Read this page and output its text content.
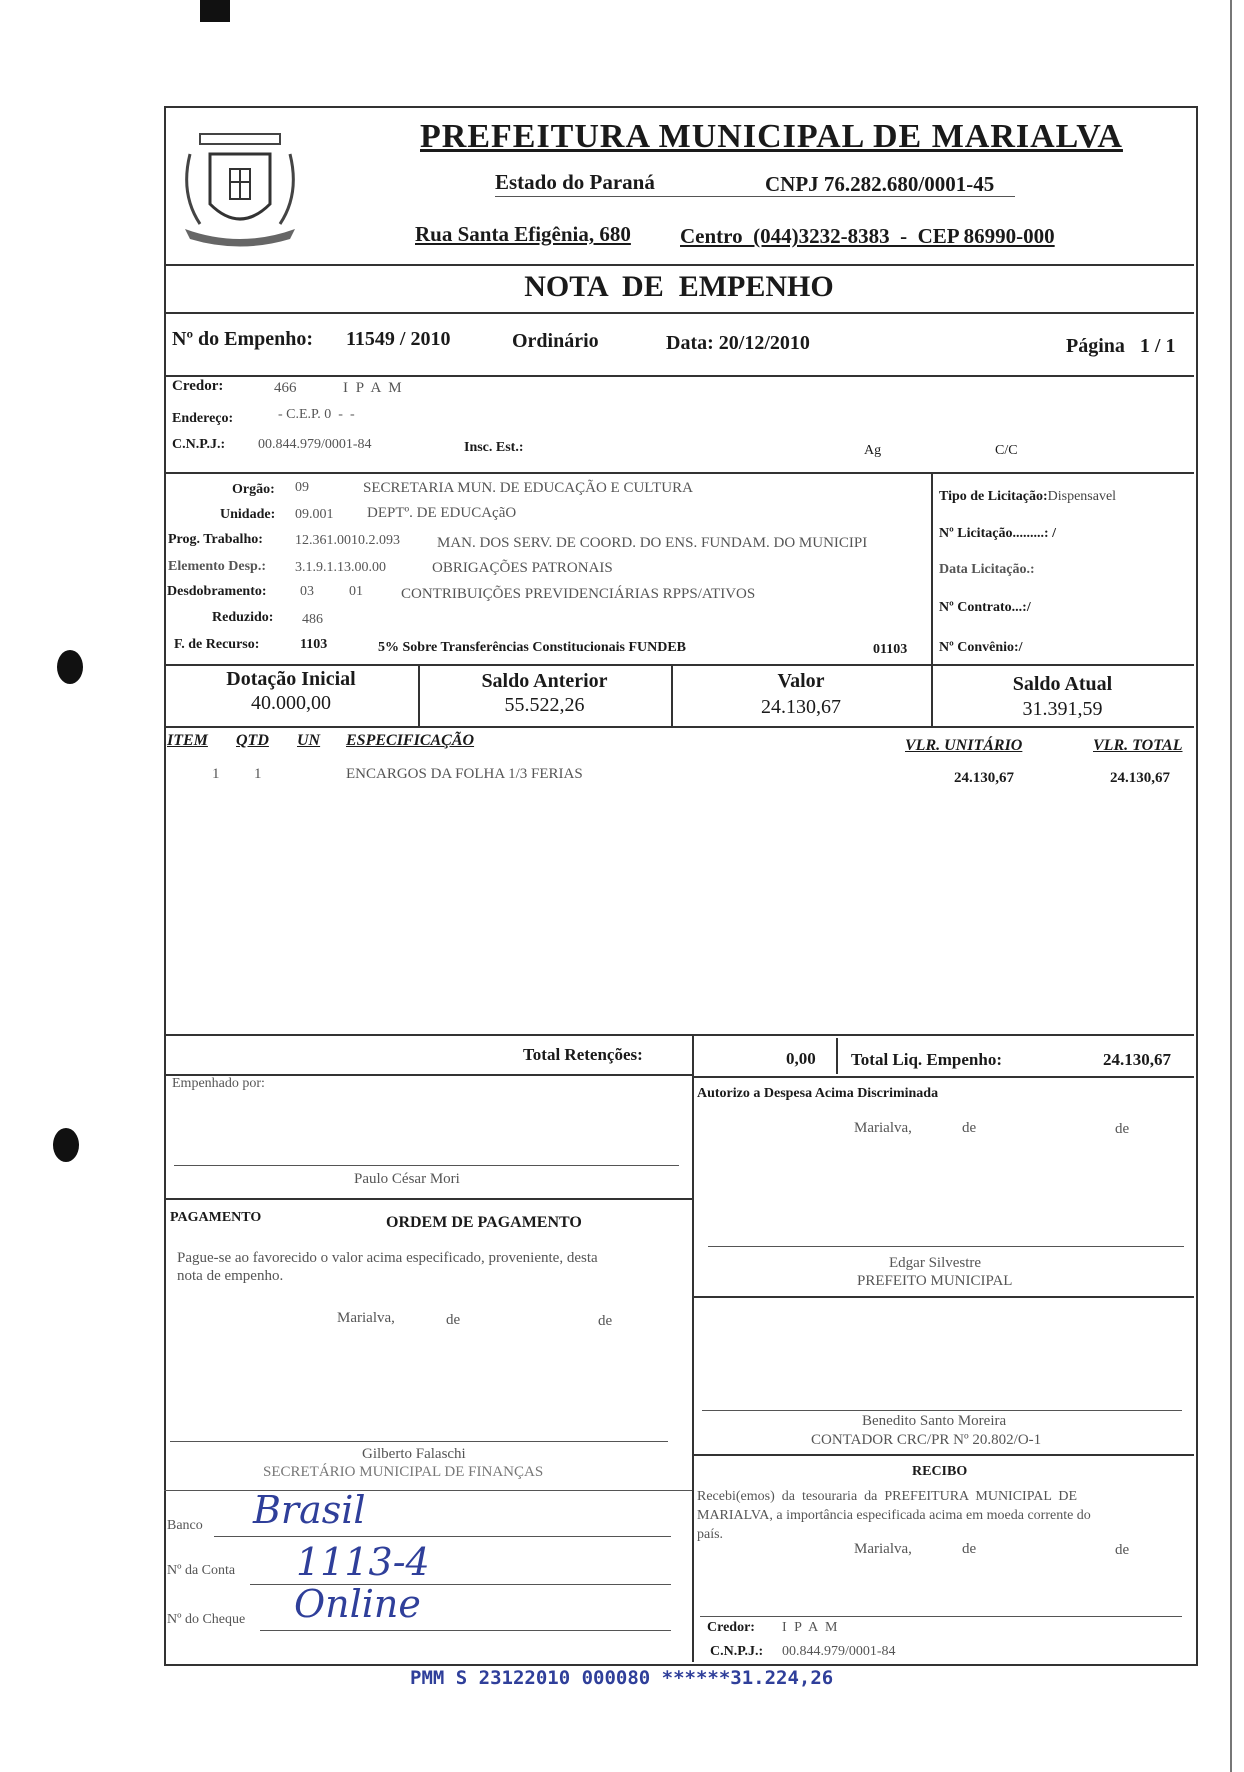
PREFEITURA MUNICIPAL DE MARIALVA
Estado do Paraná	CNPJ 76.282.680/0001-45
Rua Santa Efigênia, 680 Centro  (044)3232-8383  -  CEP 86990-000
NOTA  DE  EMPENHO
Nº do Empenho: 11549 / 2010	Ordinário	Data: 20/12/2010	Página   1 / 1
Credor:	466	I P A M
Endereço:	- C.E.P. 0  -  -
C.N.P.J.: 00.844.979/0001-84	Insc. Est.:	Ag	C/C
Orgão: 09	SECRETARIA MUN. DE EDUCAÇÃO E CULTURA
Unidade: 09.001 DEPTº. DE EDUCAçãO
Prog. Trabalho: 12.361.0010.2.093 MAN. DOS SERV. DE COORD. DO ENS. FUNDAM. DO MUNICIPI
Elemento Desp.: 3.1.9.1.13.00.00	OBRIGAÇÕES PATRONAIS
Desdobramento: 03	01	CONTRIBUIÇÕES PREVIDENCIÁRIAS RPPS/ATIVOS
Reduzido: 486
F. de Recurso:	1103	5% Sobre Transferências Constitucionais FUNDEB	01103
Tipo de Licitação:Dispensavel
Nº Licitação.........: /
Data Licitação.:
Nº Contrato...:/
Nº Convênio:/
Dotação Inicial
40.000,00
Saldo Anterior
55.522,26
Valor
24.130,67
Saldo Atual
31.391,59
ITEM QTD UN ESPECIFICAÇÃO	VLR. UNITÁRIO	VLR. TOTAL
1 1	ENCARGOS DA FOLHA 1/3 FERIAS	24.130,67	24.130,67
Total Retenções:	0,00 Total Liq. Empenho:	24.130,67
Empenhado por:
Paulo César Mori
PAGAMENTO	ORDEM DE PAGAMENTO
Pague-se ao favorecido o valor acima especificado, proveniente, desta
nota de empenho.
Marialva,	de	de
Gilberto Falaschi
SECRETÁRIO MUNICIPAL DE FINANÇAS
Banco Brasil
Nº da Conta 1113-4
Nº do Cheque Online
Autorizo a Despesa Acima Discriminada
Marialva,	de	de
Edgar Silvestre
PREFEITO MUNICIPAL
Benedito Santo Moreira
CONTADOR CRC/PR Nº 20.802/O-1
RECIBO
Recebi(emos)  da  tesouraria  da  PREFEITURA  MUNICIPAL  DE
MARIALVA, a importância especificada acima em moeda corrente do
país.
Marialva,	de	de
Credor: I P A M
C.N.P.J.: 00.844.979/0001-84
PMM S 23122010 000080 ******31.224,26
